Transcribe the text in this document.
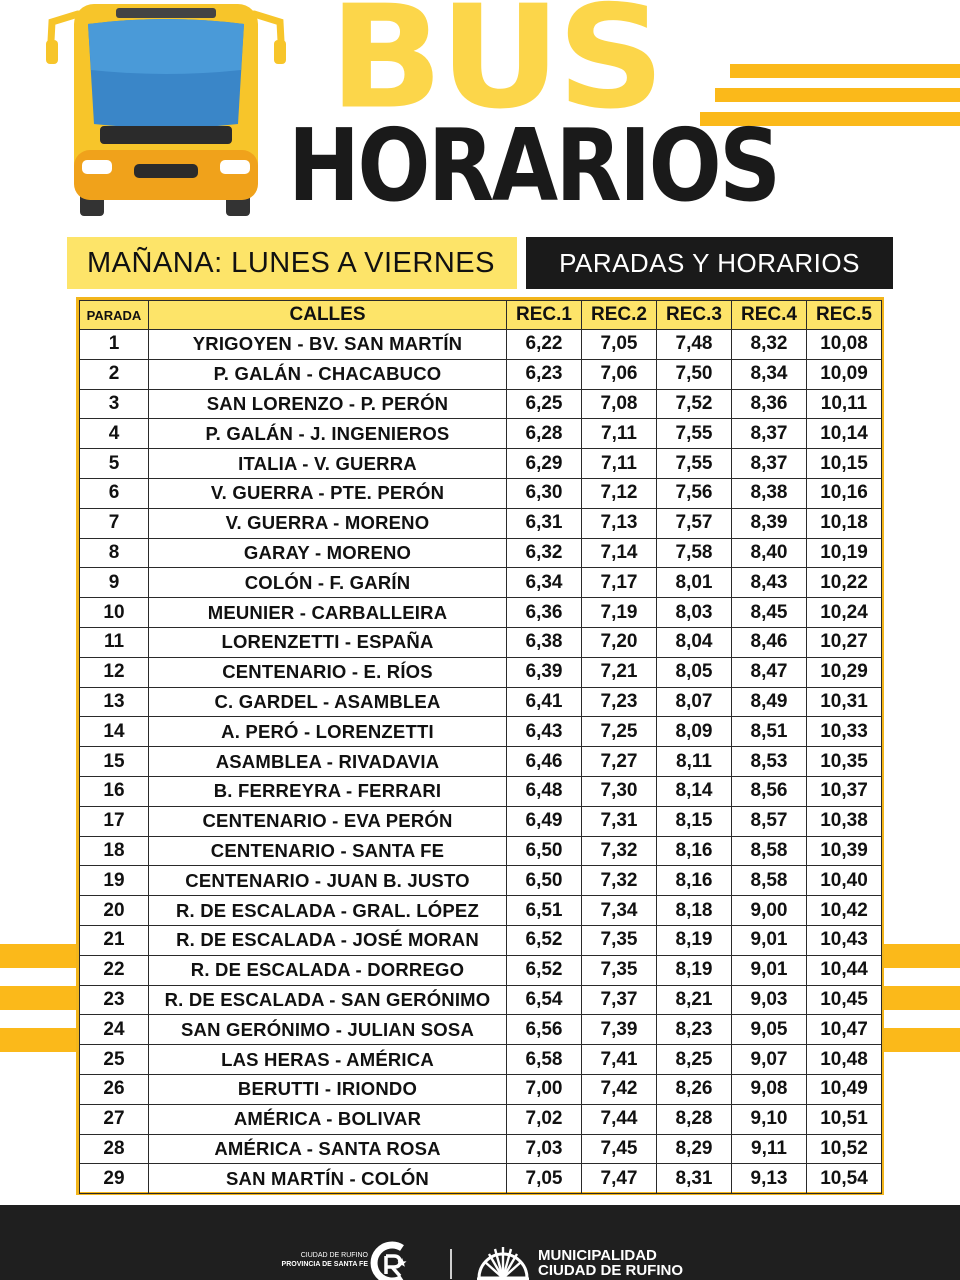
BUS
HORARIOS
MAÑANA: LUNES A VIERNES	PARADAS Y HORARIOS
PARADA	CALLES	REC.1	REC.2	REC.3	REC.4	REC.5
1	YRIGOYEN - BV. SAN MARTÍN	6,22	7,05	7,48	8,32	10,08
2	P. GALÁN - CHACABUCO	6,23	7,06	7,50	8,34	10,09
3	SAN LORENZO - P. PERÓN	6,25	7,08	7,52	8,36	10,11
4	P. GALÁN - J. INGENIEROS	6,28	7,11	7,55	8,37	10,14
5	ITALIA - V. GUERRA	6,29	7,11	7,55	8,37	10,15
6	V. GUERRA - PTE. PERÓN	6,30	7,12	7,56	8,38	10,16
7	V. GUERRA - MORENO	6,31	7,13	7,57	8,39	10,18
8	GARAY - MORENO	6,32	7,14	7,58	8,40	10,19
9	COLÓN - F. GARÍN	6,34	7,17	8,01	8,43	10,22
10	MEUNIER - CARBALLEIRA	6,36	7,19	8,03	8,45	10,24
11	LORENZETTI - ESPAÑA	6,38	7,20	8,04	8,46	10,27
12	CENTENARIO - E. RÍOS	6,39	7,21	8,05	8,47	10,29
13	C. GARDEL - ASAMBLEA	6,41	7,23	8,07	8,49	10,31
14	A. PERÓ - LORENZETTI	6,43	7,25	8,09	8,51	10,33
15	ASAMBLEA - RIVADAVIA	6,46	7,27	8,11	8,53	10,35
16	B. FERREYRA - FERRARI	6,48	7,30	8,14	8,56	10,37
17	CENTENARIO - EVA PERÓN	6,49	7,31	8,15	8,57	10,38
18	CENTENARIO - SANTA FE	6,50	7,32	8,16	8,58	10,39
19	CENTENARIO - JUAN B. JUSTO	6,50	7,32	8,16	8,58	10,40
20	R. DE ESCALADA - GRAL. LÓPEZ	6,51	7,34	8,18	9,00	10,42
21	R. DE ESCALADA - JOSÉ MORAN	6,52	7,35	8,19	9,01	10,43
22	R. DE ESCALADA - DORREGO	6,52	7,35	8,19	9,01	10,44
23	R. DE ESCALADA - SAN GERÓNIMO	6,54	7,37	8,21	9,03	10,45
24	SAN GERÓNIMO - JULIAN SOSA	6,56	7,39	8,23	9,05	10,47
25	LAS HERAS - AMÉRICA	6,58	7,41	8,25	9,07	10,48
26	BERUTTI - IRIONDO	7,00	7,42	8,26	9,08	10,49
27	AMÉRICA - BOLIVAR	7,02	7,44	8,28	9,10	10,51
28	AMÉRICA - SANTA ROSA	7,03	7,45	8,29	9,11	10,52
29	SAN MARTÍN - COLÓN	7,05	7,47	8,31	9,13	10,54
CIUDAD DE RUFINO
PROVINCIA DE SANTA FE
MUNICIPALIDAD
CIUDAD DE RUFINO
